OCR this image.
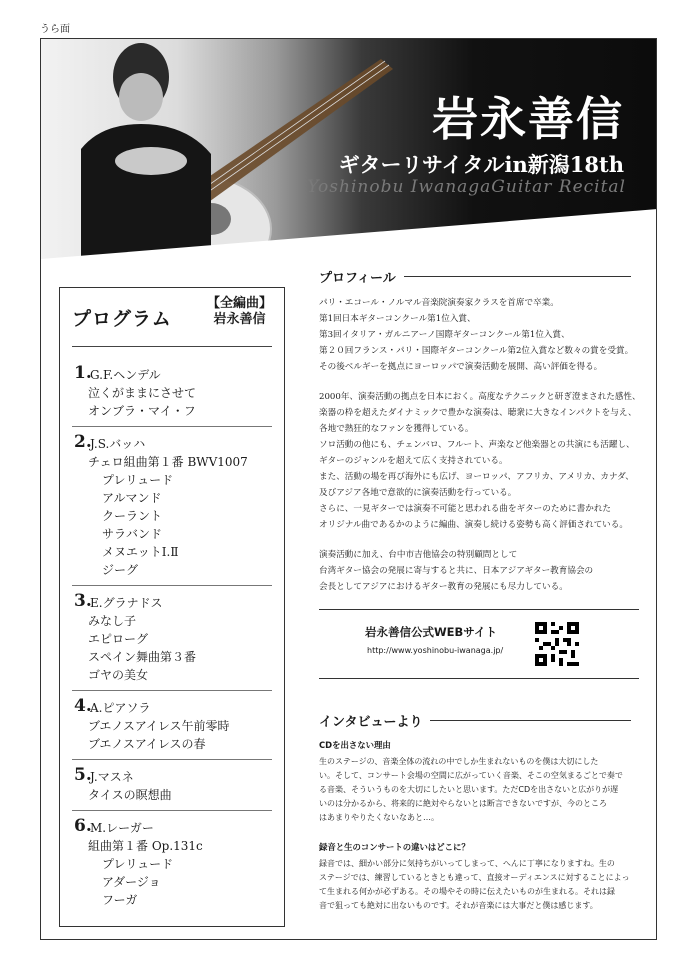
うら面
岩永善信
ギターリサイタルin新潟18th
Yoshinobu IwanagaGuitar Recital
プログラム
【全編曲】
岩永善信
1.
G.F.ヘンデル
泣くがままにさせて
オンブラ・マイ・フ
2.
J.S.バッハ
チェロ組曲第１番 BWV1007
プレリュード
アルマンド
クーラント
サラバンド
メヌエットⅠ.Ⅱ
ジーグ
3.
E.グラナドス
みなし子
エピローグ
スペイン舞曲第３番
ゴヤの美女
4.
A.ピアソラ
ブエノスアイレス午前零時
ブエノスアイレスの春
5.
J.マスネ
タイスの瞑想曲
6.
M.レーガー
組曲第１番 Op.131c
プレリュード
アダージョ
フーガ
プロフィール

パリ・エコール・ノルマル音楽院演奏家クラスを首席で卒業。
第1回日本ギターコンクール第1位入賞、
第3回イタリア・ガルニアーノ国際ギターコンクール第1位入賞、
第２０回フランス・パリ・国際ギターコンクール第2位入賞など数々の賞を受賞。
その後ベルギーを拠点にヨーロッパで演奏活動を展開、高い評価を得る。

2000年、演奏活動の拠点を日本におく。高度なテクニックと研ぎ澄まされた感性、
楽器の枠を超えたダイナミックで豊かな演奏は、聴衆に大きなインパクトを与え、
各地で熱狂的なファンを獲得している。
ソロ活動の他にも、チェンバロ、フルート、声楽など他楽器との共演にも活躍し、
ギターのジャンルを超えて広く支持されている。
また、活動の場を再び海外にも広げ、ヨーロッパ、アフリカ、アメリカ、カナダ、
及びアジア各地で意欲的に演奏活動を行っている。
さらに、一見ギターでは演奏不可能と思われる曲をギターのために書かれた
オリジナル曲であるかのように編曲、演奏し続ける姿勢も高く評価されている。

演奏活動に加え、台中市吉他協会の特別顧問として
台湾ギター協会の発展に寄与すると共に、日本アジアギター教育協会の
会長としてアジアにおけるギター教育の発展にも尽力している。

岩永善信公式WEBサイト
http://www.yoshinobu-iwanaga.jp/
インタビューより
CDを出さない理由
生のステージの、音楽全体の流れの中でしか生まれないものを僕は大切にした
い。そして、コンサート会場の空間に広がっていく音楽、そこの空気まるごとで奏で
る音楽、そういうものを大切にしたいと思います。ただCDを出さないと広がりが遅
いのは分かるから、将来的に絶対やらないとは断言できないですが、今のところ
はあまりやりたくないなあと…。
録音と生のコンサートの違いはどこに？
録音では、細かい部分に気持ちがいってしまって、へんに丁寧になりますね。生の
ステージでは、練習しているときとも違って、直接オーディエンスに対することによっ
て生まれる何かが必ずある。その場やその時に伝えたいものが生まれる。それは録
音で狙っても絶対に出ないものです。それが音楽には大事だと僕は感じます。
